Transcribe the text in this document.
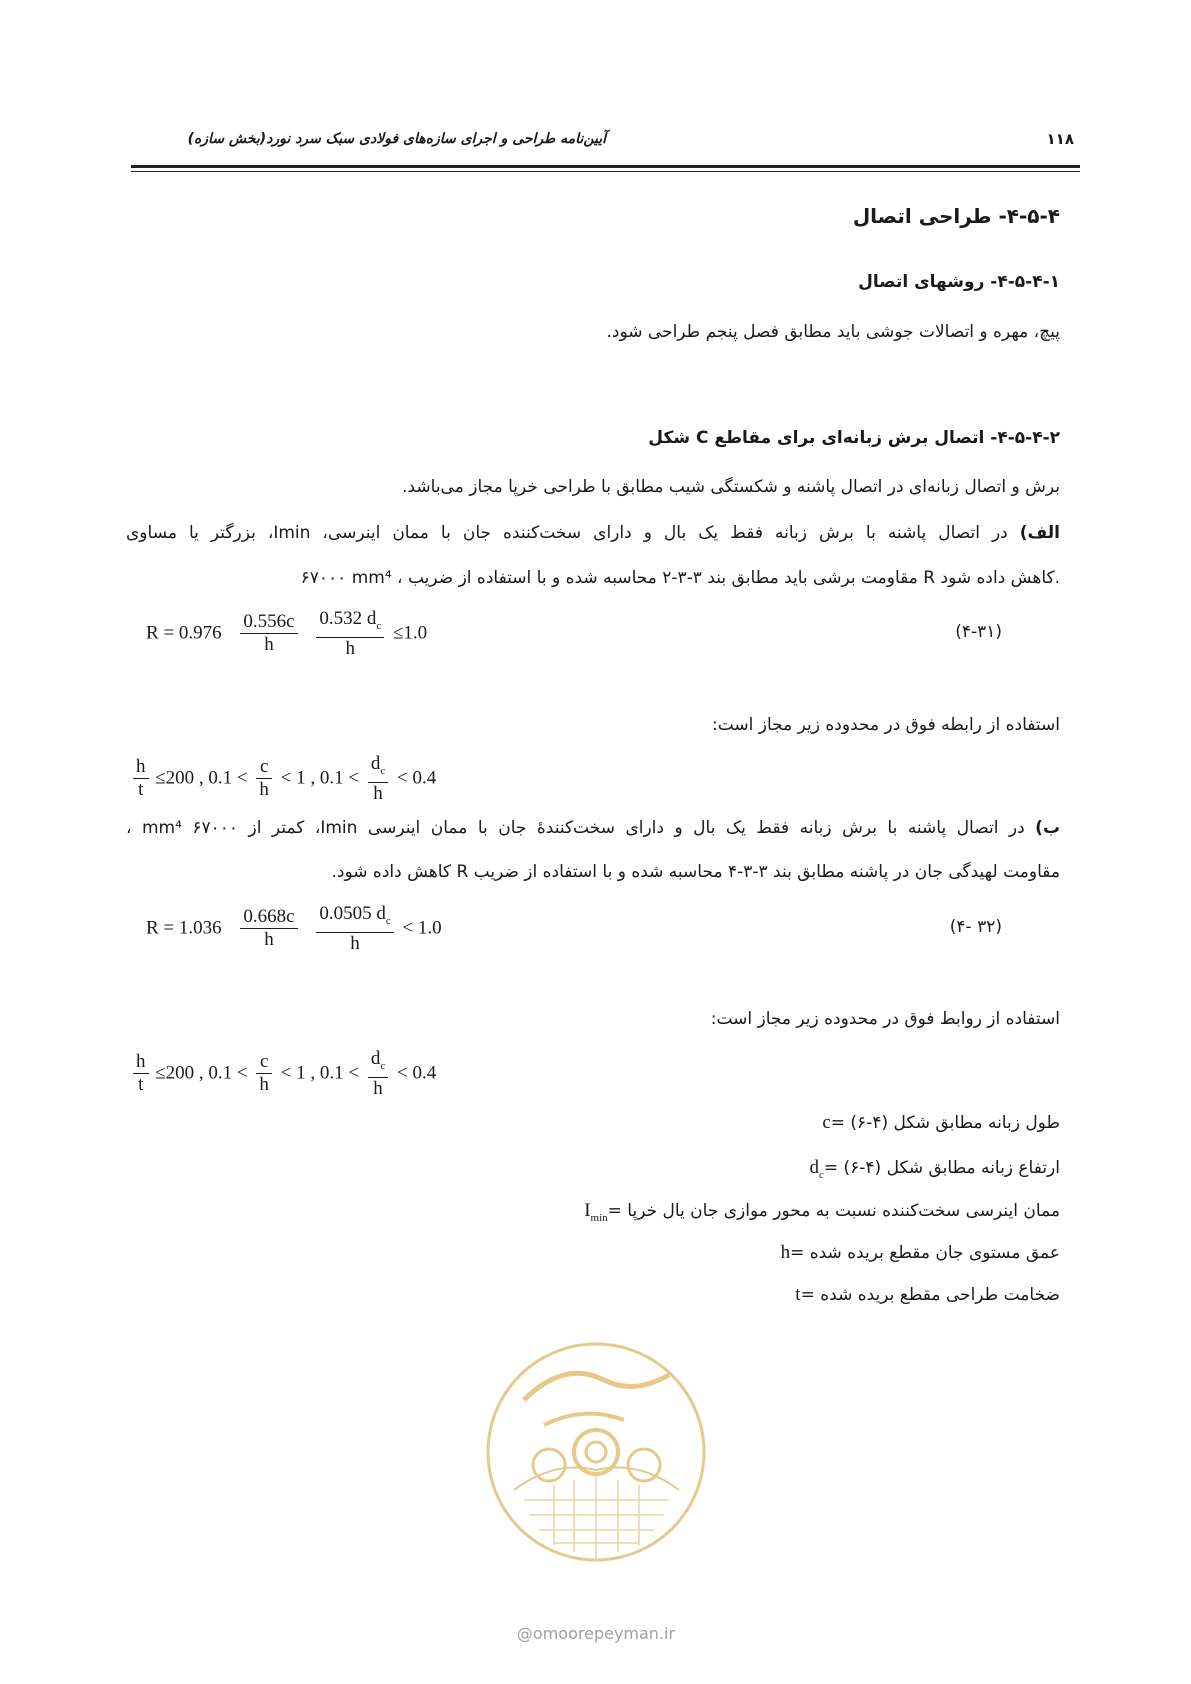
آیین‌نامه طراحی و اجرای سازه‌های فولادی سبک سرد نورد(بخش سازه)	۱۱۸
۴-۵-۴- طراحی اتصال
۴-۵-۴-۱- روشهای اتصال
پیچ، مهره و اتصالات جوشی باید مطابق فصل پنجم طراحی شود.
۴-۵-۴-۲- اتصال برش زبانه‌ای برای مقاطع C شکل
برش و اتصال زبانه‌ای در اتصال پاشنه و شکستگی شیب مطابق با طراحی خرپا مجاز می‌باشد.
الف) در اتصال پاشنه با برش زبانه فقط یک بال و دارای سخت‌کننده جان با ممان اینرسی، Imin، بزرگتر یا مساوی
۶۷۰۰۰ mm⁴ ، مقاومت برشی باید مطابق بند ۳-۳-۲ محاسبه شده و با استفاده از ضریب R کاهش داده شود.
$R = 0.976 \frac{0.556c}{h}$
$\frac{0.532 d_c}{h} \le 1.0$	(۴-۳۱)
استفاده از رابطه فوق در محدوده زیر مجاز است:
$\frac{h}{t} \le 200$ , $0.1 < \frac{c}{h} < 1$ , $0.1 < \frac{d_c}{h} < 0.4$
ب) در اتصال پاشنه با برش زبانه فقط یک بال و دارای سخت‌کنندهٔ جان با ممان اینرسی Imin، کمتر از ۶۷۰۰۰ mm⁴ ،
مقاومت لهیدگی جان در پاشنه مطابق بند ۳-۳-۴ محاسبه شده و با استفاده از ضریب R کاهش داده شود.
$R = 1.036 \frac{0.668c}{h}$
$\frac{0.0505 d_c}{h} < 1.0$	(۴- ۳۲)
استفاده از روابط فوق در محدوده زیر مجاز است:
$\frac{h}{t} \le 200$ , $0.1 < \frac{c}{h} < 1$ , $0.1 < \frac{d_c}{h} < 0.4$
c= طول زبانه مطابق شکل (۴-۶)
$d_c=$ ارتفاع زبانه مطابق شکل (۴-۶)
$I_{min}=$ ممان اینرسی سخت‌کننده نسبت به محور موازی جان یال خرپا
h= عمق مستوی جان مقطع بریده شده
t= ضخامت طراحی مقطع بریده شده
@omoorepeyman.ir
